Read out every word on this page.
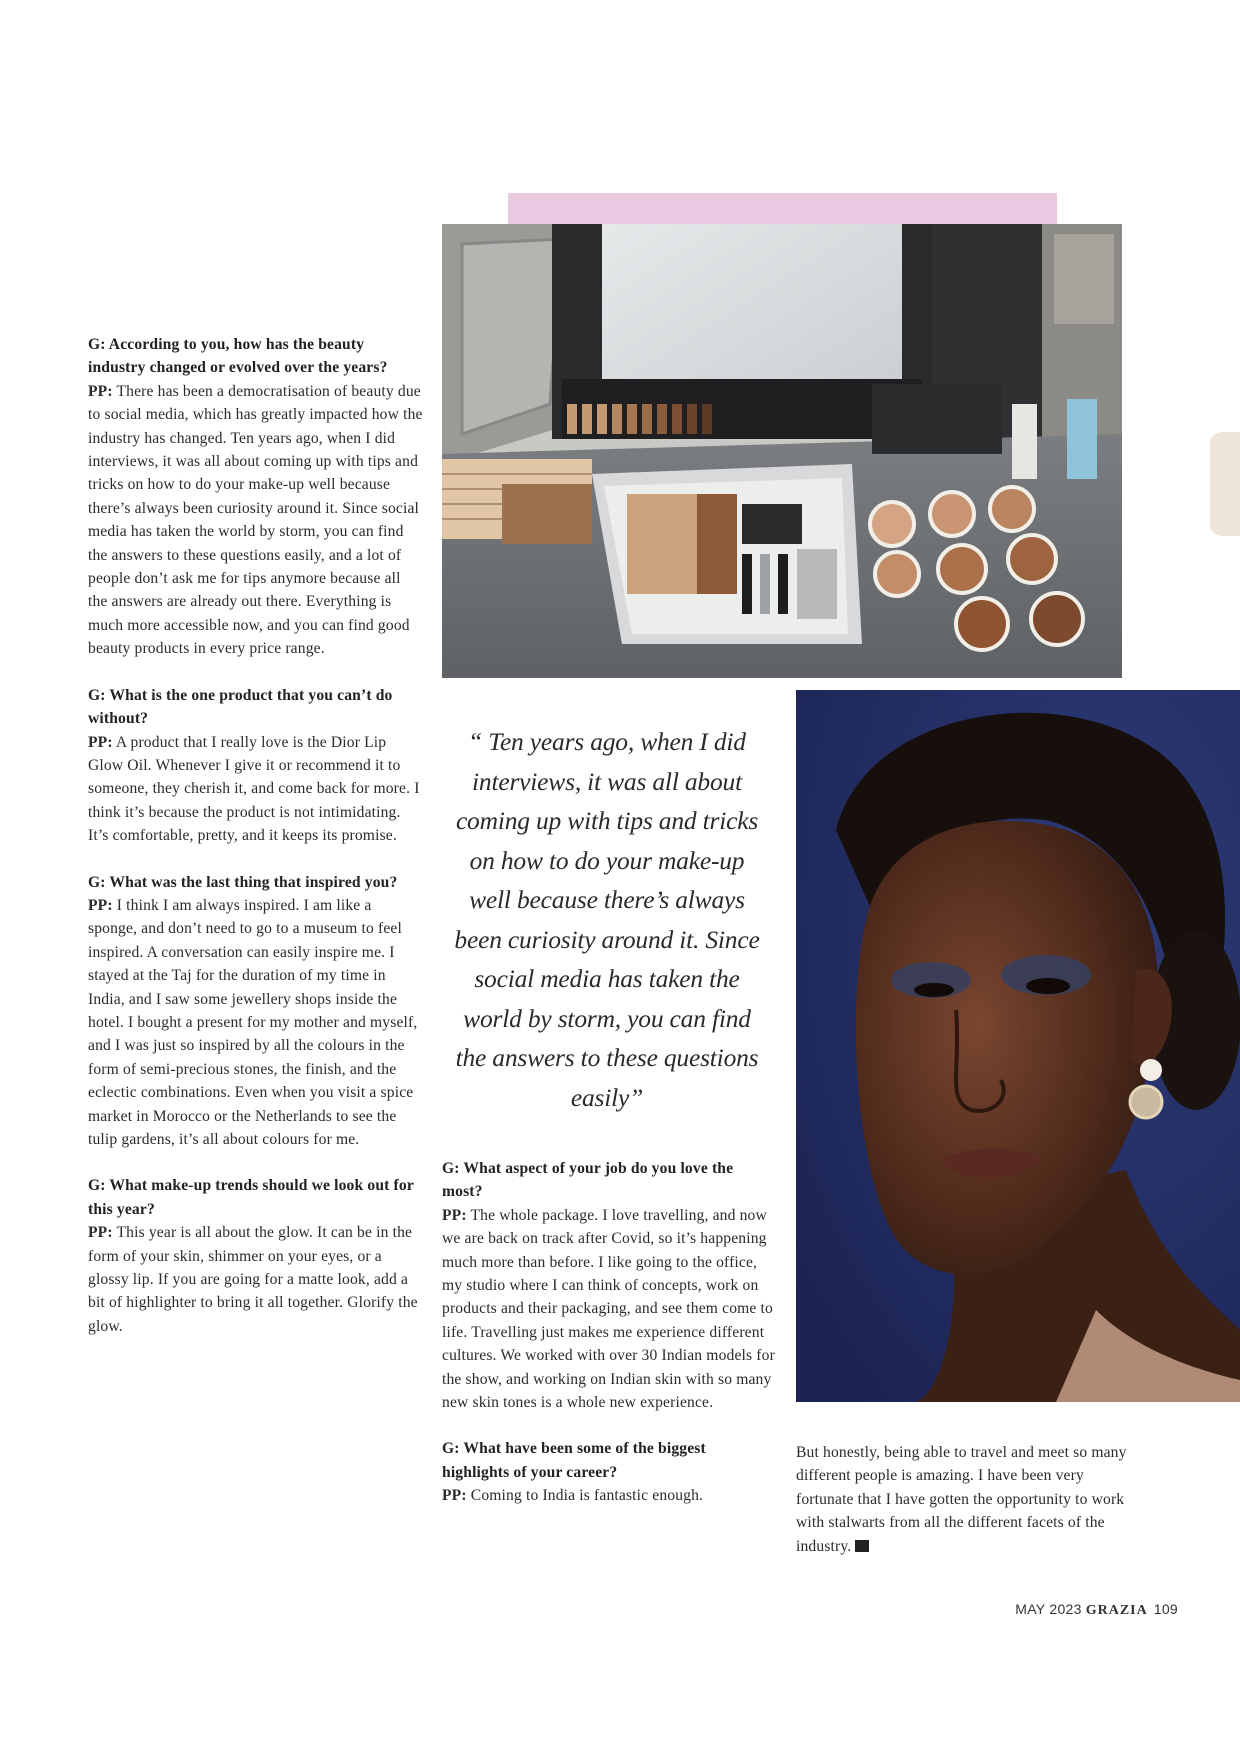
G: According to you, how has the beauty industry changed or evolved over the years?

PP: There has been a democratisation of beauty due to social media, which has greatly impacted how the industry has changed. Ten years ago, when I did interviews, it was all about coming up with tips and tricks on how to do your make-up well because there’s always been curiosity around it. Since social media has taken the world by storm, you can find the answers to these questions easily, and a lot of people don’t ask me for tips anymore because all the answers are already out there. Everything is much more accessible now, and you can find good beauty products in every price range.

G: What is the one product that you can’t do without?

PP: A product that I really love is the Dior Lip Glow Oil. Whenever I give it or recommend it to someone, they cherish it, and come back for more. I think it’s because the product is not intimidating. It’s comfortable, pretty, and it keeps its promise.

G: What was the last thing that inspired you?

PP: I think I am always inspired. I am like a sponge, and don’t need to go to a museum to feel inspired. A conversation can easily inspire me. I stayed at the Taj for the duration of my time in India, and I saw some jewellery shops inside the hotel. I bought a present for my mother and myself, and I was just so inspired by all the colours in the form of semi-precious stones, the finish, and the eclectic combinations. Even when you visit a spice market in Morocco or the Netherlands to see the tulip gardens, it’s all about colours for me.

G: What make-up trends should we look out for this year?

PP: This year is all about the glow. It can be in the form of your skin, shimmer on your eyes, or a glossy lip. If you are going for a matte look, add a bit of highlighter to bring it all together. Glorify the glow.

“ Ten years ago, when I did interviews, it was all about coming up with tips and tricks on how to do your make-up well because there’s always been curiosity around it. Since social media has taken the world by storm, you can find the answers to these questions easily”

G: What aspect of your job do you love the most?

PP: The whole package. I love travelling, and now we are back on track after Covid, so it’s happening much more than before. I like going to the office, my studio where I can think of concepts, work on products and their packaging, and see them come to life. Travelling just makes me experience different cultures. We worked with over 30 Indian models for the show, and working on Indian skin with so many new skin tones is a whole new experience.

G: What have been some of the biggest highlights of your career?

PP: Coming to India is fantastic enough.

But honestly, being able to travel and meet so many different people is amazing. I have been very fortunate that I have gotten the opportunity to work with stalwarts from all the different facets of the industry.

MAY 2023 GRAZIA 109
